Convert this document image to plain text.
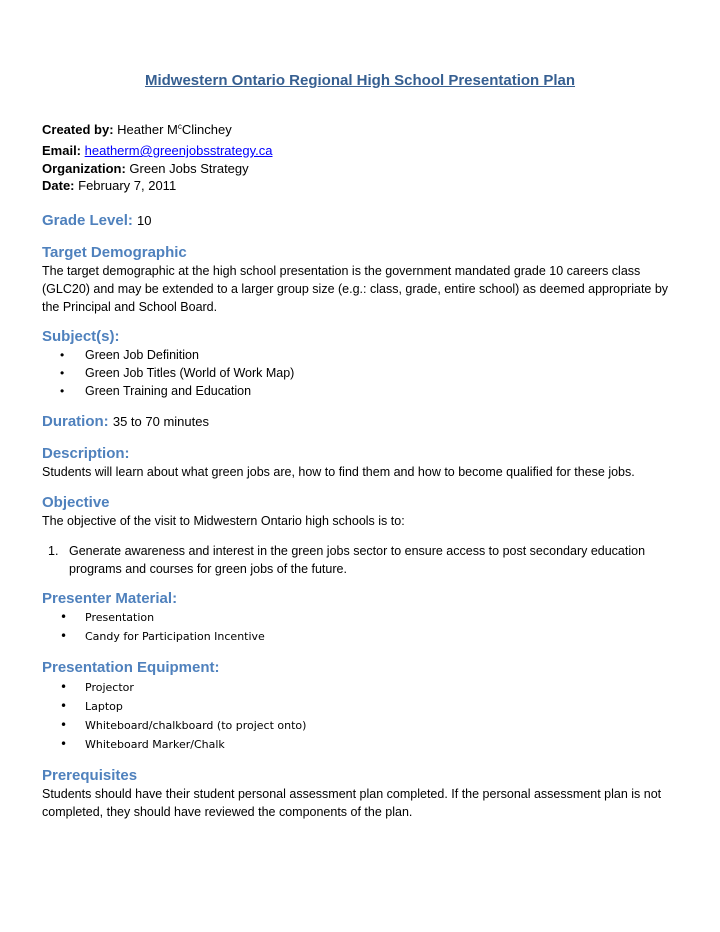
Midwestern Ontario Regional High School Presentation Plan
Created by: Heather $M^cClinchey$
Email: heatherm@greenjobsstrategy.ca
Organization: Green Jobs Strategy
Date: February 7, 2011
Grade Level: 10
Target Demographic
The target demographic at the high school presentation is the government mandated grade 10 careers class (GLC20) and may be extended to a larger group size (e.g.: class, grade, entire school) as deemed appropriate by the Principal and School Board.
Subject(s):
• Green Job Definition
• Green Job Titles (World of Work Map)
• Green Training and Education
Duration: 35 to 70 minutes
Description:
Students will learn about what green jobs are, how to find them and how to become qualified for these jobs.
Objective
The objective of the visit to Midwestern Ontario high schools is to:
1. Generate awareness and interest in the green jobs sector to ensure access to post secondary education programs and courses for green jobs of the future.
Presenter Material:
• Presentation
• Candy for Participation Incentive
Presentation Equipment:
• Projector
• Laptop
• Whiteboard/chalkboard (to project onto)
• Whiteboard Marker/Chalk
Prerequisites
Students should have their student personal assessment plan completed. If the personal assessment plan is not completed, they should have reviewed the components of the plan.
